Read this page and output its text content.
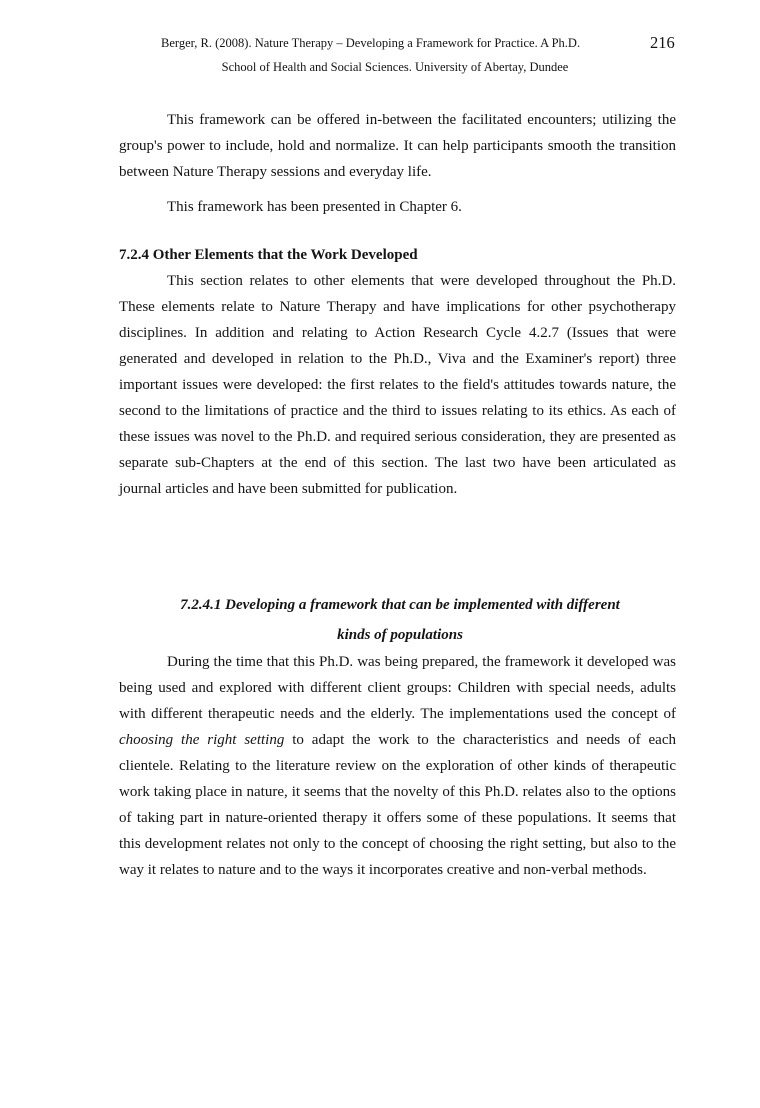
Berger, R. (2008). Nature Therapy – Developing a Framework for Practice. A Ph.D.	216
School of Health and Social Sciences. University of Abertay, Dundee

This framework can be offered in-between the facilitated encounters; utilizing the group's power to include, hold and normalize. It can help participants smooth the transition between Nature Therapy sessions and everyday life.

This framework has been presented in Chapter 6.

7.2.4 Other Elements that the Work Developed

This section relates to other elements that were developed throughout the Ph.D. These elements relate to Nature Therapy and have implications for other psychotherapy disciplines. In addition and relating to Action Research Cycle 4.2.7 (Issues that were generated and developed in relation to the Ph.D., Viva and the Examiner's report) three important issues were developed: the first relates to the field's attitudes towards nature, the second to the limitations of practice and the third to issues relating to its ethics. As each of these issues was novel to the Ph.D. and required serious consideration, they are presented as separate sub-Chapters at the end of this section. The last two have been articulated as journal articles and have been submitted for publication.

7.2.4.1 Developing a framework that can be implemented with different
kinds of populations

During the time that this Ph.D. was being prepared, the framework it developed was being used and explored with different client groups: Children with special needs, adults with different therapeutic needs and the elderly. The implementations used the concept of choosing the right setting to adapt the work to the characteristics and needs of each clientele. Relating to the literature review on the exploration of other kinds of therapeutic work taking place in nature, it seems that the novelty of this Ph.D. relates also to the options of taking part in nature-oriented therapy it offers some of these populations. It seems that this development relates not only to the concept of choosing the right setting, but also to the way it relates to nature and to the ways it incorporates creative and non-verbal methods.
